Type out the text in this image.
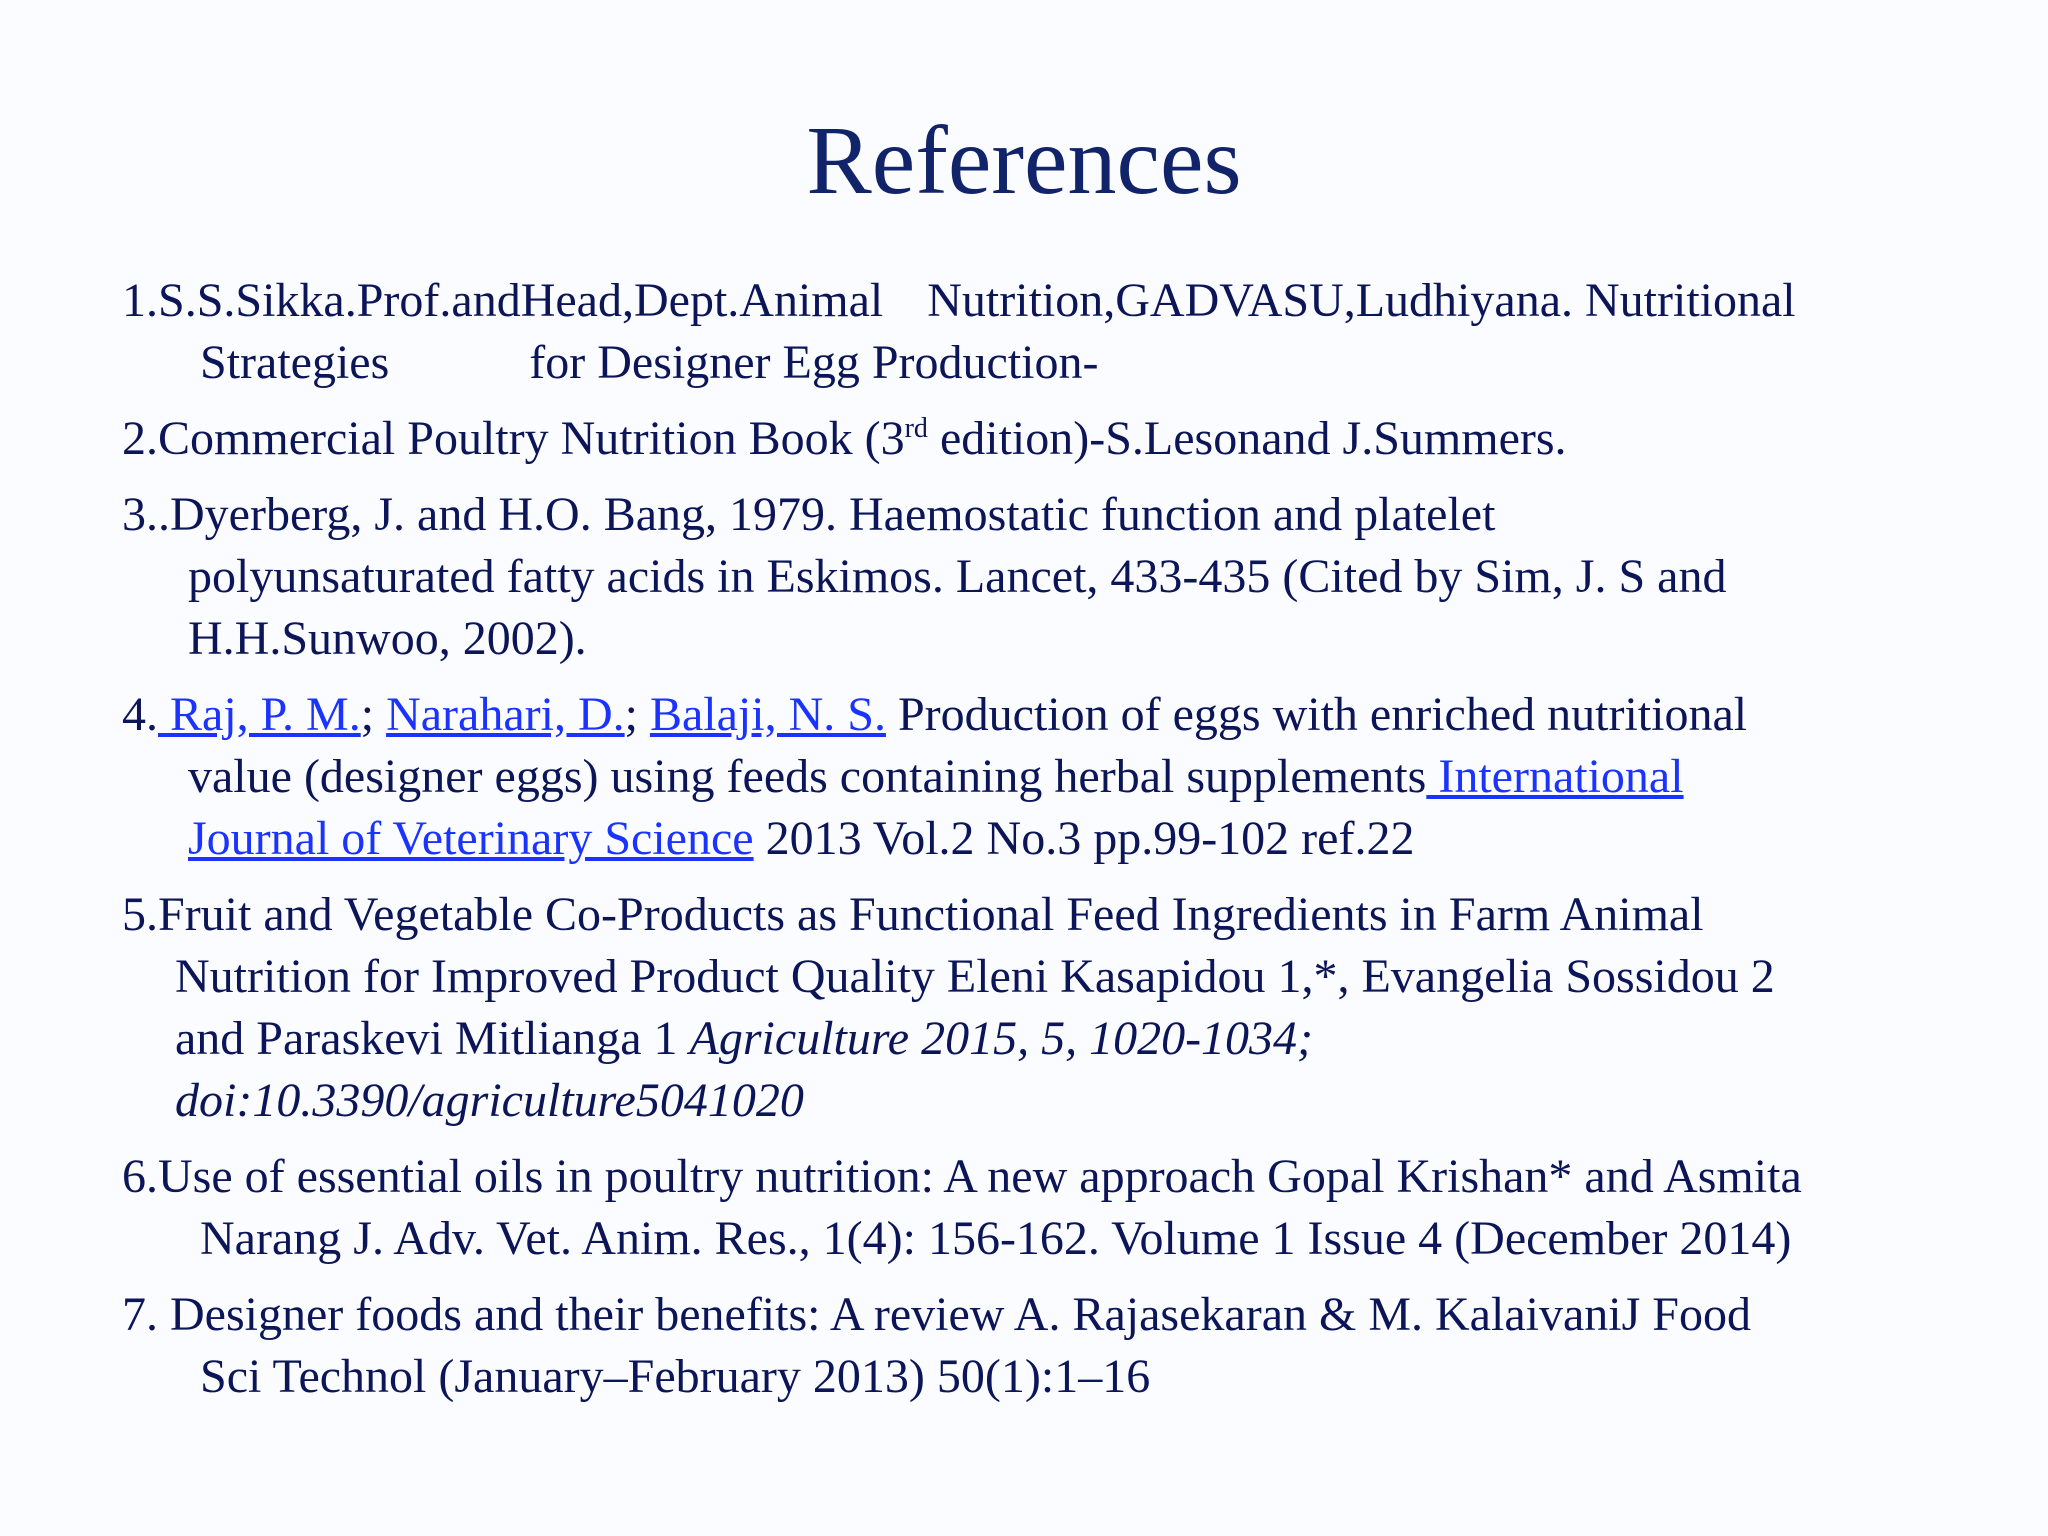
References
1.S.S.Sikka.Prof.andHead,Dept.Animal Nutrition,GADVASU,Ludhiyana. Nutritional
Strategies	for Designer Egg Production-
2.Commercial Poultry Nutrition Book (3rd edition)-S.Lesonand J.Summers.
3..Dyerberg, J. and H.O. Bang, 1979. Haemostatic function and platelet
polyunsaturated fatty acids in Eskimos. Lancet, 433-435 (Cited by Sim, J. S and
H.H.Sunwoo, 2002).
4. Raj, P. M.; Narahari, D.; Balaji, N. S. Production of eggs with enriched nutritional
value (designer eggs) using feeds containing herbal supplements International
Journal of Veterinary Science 2013 Vol.2 No.3 pp.99-102 ref.22
5.Fruit and Vegetable Co-Products as Functional Feed Ingredients in Farm Animal
Nutrition for Improved Product Quality Eleni Kasapidou 1,*, Evangelia Sossidou 2
and Paraskevi Mitlianga 1 Agriculture 2015, 5, 1020-1034;
doi:10.3390/agriculture5041020
6.Use of essential oils in poultry nutrition: A new approach Gopal Krishan* and Asmita
Narang J. Adv. Vet. Anim. Res., 1(4): 156-162. Volume 1 Issue 4 (December 2014)
7. Designer foods and their benefits: A review A. Rajasekaran & M. KalaivaniJ Food
Sci Technol (January–February 2013) 50(1):1–16
